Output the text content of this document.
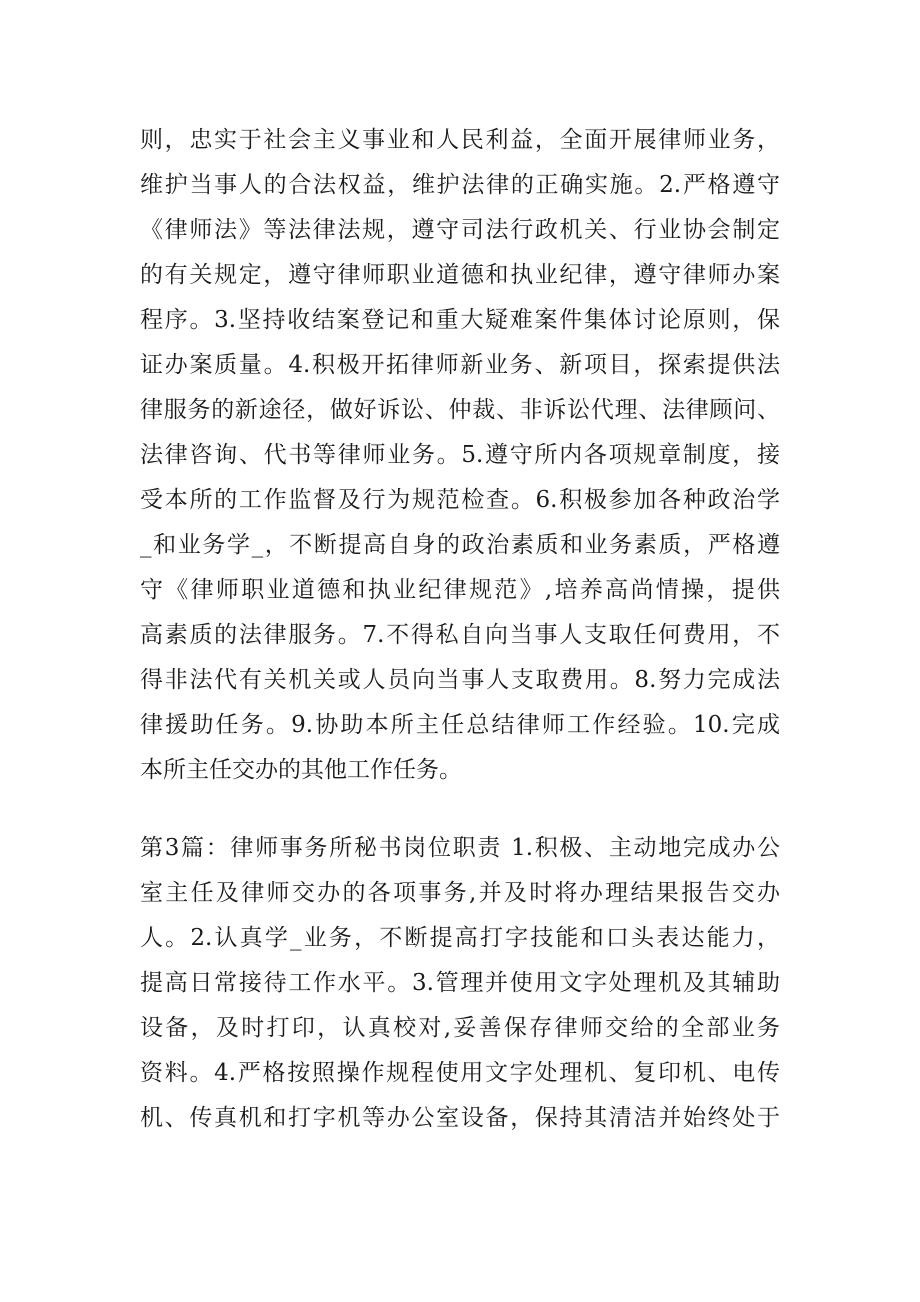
则，忠实于社会主义事业和人民利益，全面开展律师业务，
维护当事人的合法权益，维护法律的正确实施。2.严格遵守
《律师法》等法律法规，遵守司法行政机关、行业协会制定
的有关规定，遵守律师职业道德和执业纪律，遵守律师办案
程序。3.坚持收结案登记和重大疑难案件集体讨论原则，保
证办案质量。4.积极开拓律师新业务、新项目，探索提供法
律服务的新途径，做好诉讼、仲裁、非诉讼代理、法律顾问、
法律咨询、代书等律师业务。5.遵守所内各项规章制度，接
受本所的工作监督及行为规范检查。6.积极参加各种政治学
_和业务学_，不断提高自身的政治素质和业务素质，严格遵
守《律师职业道德和执业纪律规范》,培养高尚情操，提供
高素质的法律服务。7.不得私自向当事人支取任何费用，不
得非法代有关机关或人员向当事人支取费用。8.努力完成法
律援助任务。9.协助本所主任总结律师工作经验。10.完成
本所主任交办的其他工作任务。
第3篇：律师事务所秘书岗位职责 1.积极、主动地完成办公
室主任及律师交办的各项事务,并及时将办理结果报告交办
人。2.认真学_业务，不断提高打字技能和口头表达能力，
提高日常接待工作水平。3.管理并使用文字处理机及其辅助
设备，及时打印，认真校对,妥善保存律师交给的全部业务
资料。4.严格按照操作规程使用文字处理机、复印机、电传
机、传真机和打字机等办公室设备，保持其清洁并始终处于
